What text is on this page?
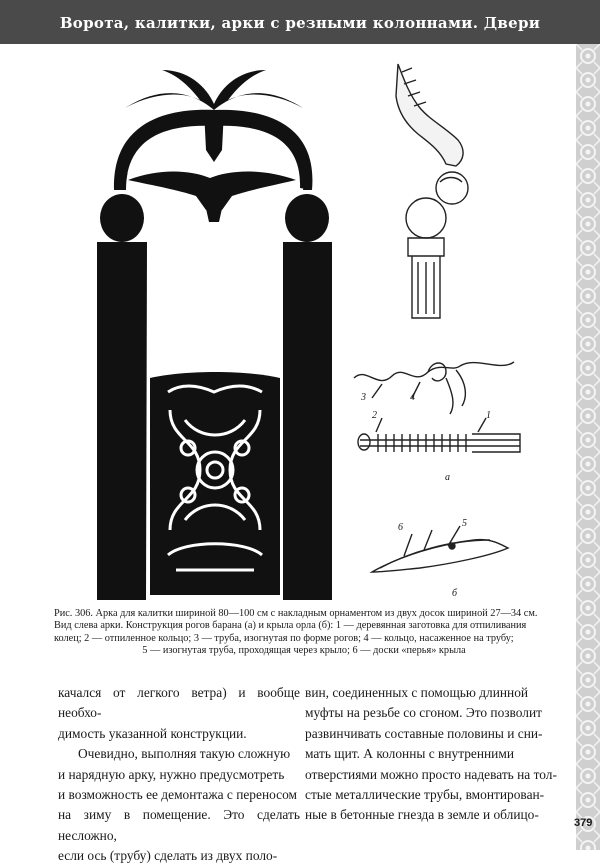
Ворота, калитки, арки с резными колоннами. Двери
3	4
2	1
а
6	5
б

Рис. 306. Арка для калитки шириной 80—100 см с накладным орнаментом из двух досок шириной 27—34 см.

Вид слева арки. Конструкция рогов барана (а) и крыла орла (б): 1 — деревянная заготовка для отпиливания

колец; 2 — отпиленное кольцо; 3 — труба, изогнутая по форме рогов; 4 — кольцо, насаженное на трубу;

5 — изогнутая труба, проходящая через крыло; 6 — доски «перья» крыла

качался от легкого ветра) и вообще необхо-

димость указанной конструкции.

Очевидно, выполняя такую сложную

и нарядную арку, нужно предусмотреть

и возможность ее демонтажа с переносом

на зиму в помещение. Это сделать несложно,

если ось (трубу) сделать из двух поло-

вин, соединенных с помощью длинной

муфты на резьбе со сгоном. Это позволит

развинчивать составные половины и сни-

мать щит. А колонны с внутренними

отверстиями можно просто надевать на тол-

стые металлические трубы, вмонтирован-

ные в бетонные гнезда в земле и облицо-

379
